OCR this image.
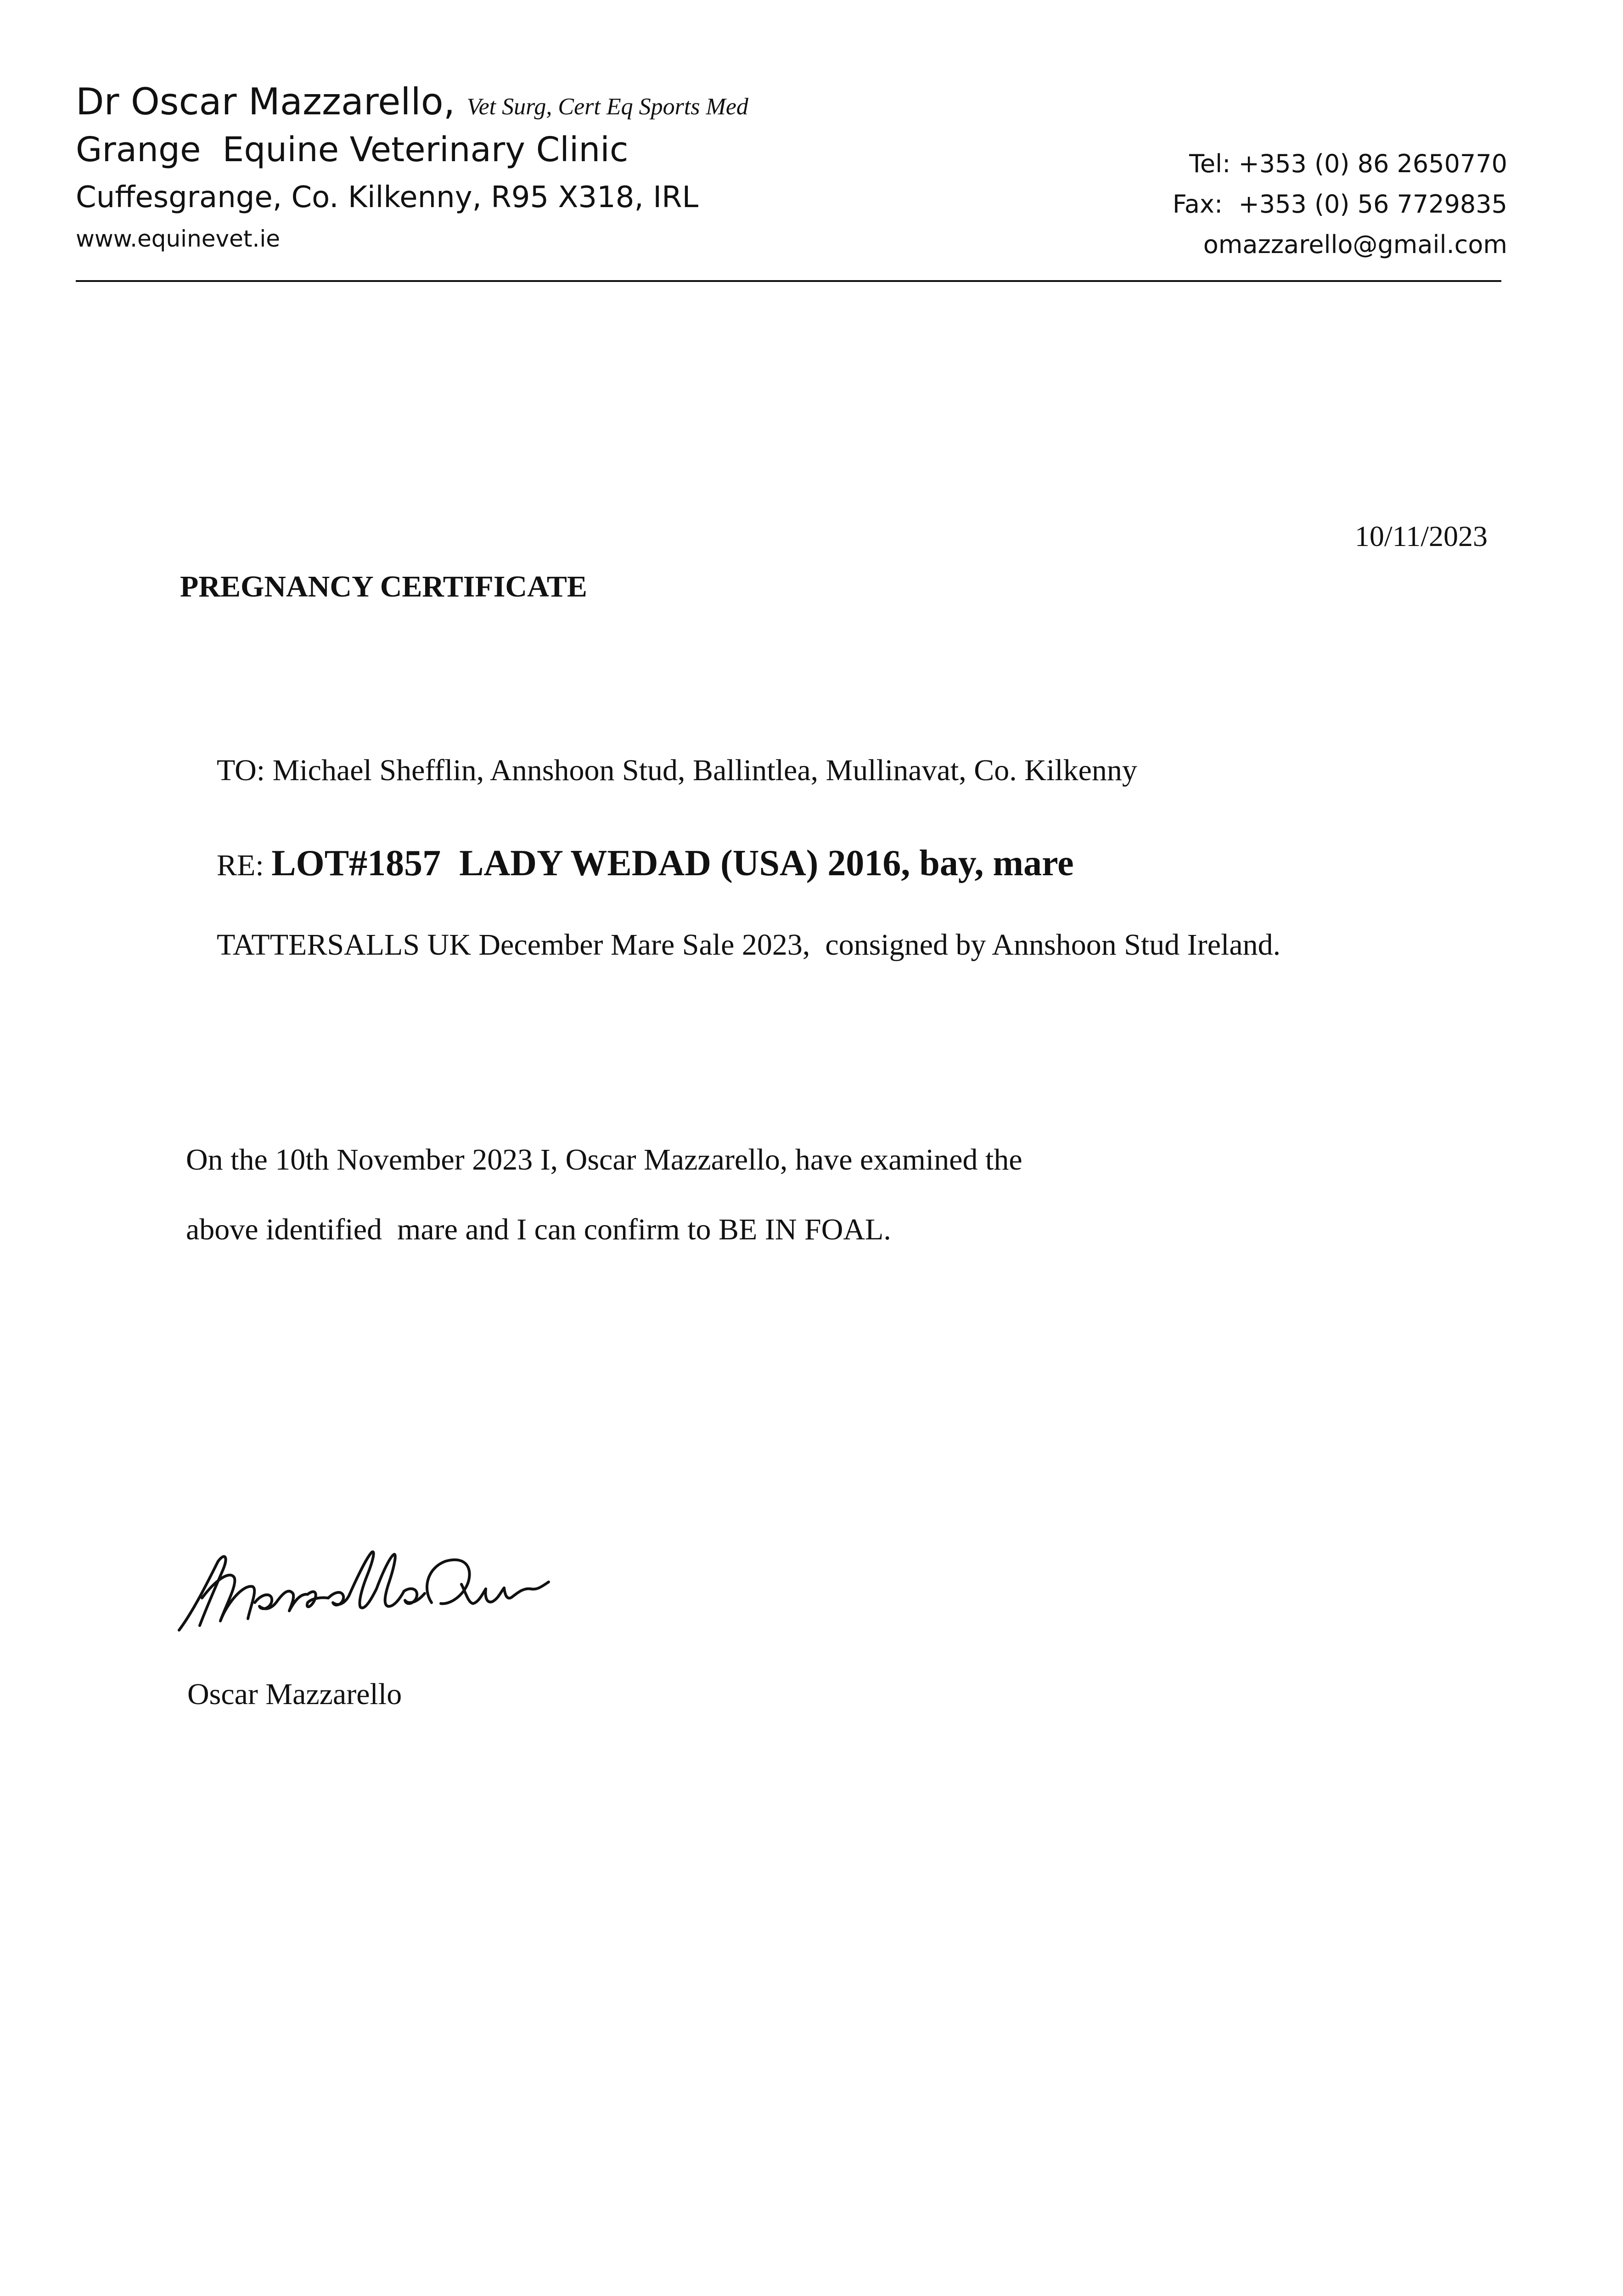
Dr Oscar Mazzarello, Vet Surg, Cert Eq Sports Med
Grange  Equine Veterinary Clinic
Cuffesgrange, Co. Kilkenny, R95 X318, IRL
www.equinevet.ie
Tel: +353 (0) 86 2650770
Fax:  +353 (0) 56 7729835
omazzarello@gmail.com
10/11/2023
PREGNANCY CERTIFICATE
TO: Michael Shefflin, Annshoon Stud, Ballintlea, Mullinavat, Co. Kilkenny
RE: LOT#1857  LADY WEDAD (USA) 2016, bay, mare
TATTERSALLS UK December Mare Sale 2023,  consigned by Annshoon Stud Ireland.
On the 10th November 2023 I, Oscar Mazzarello, have examined the
above identified  mare and I can confirm to BE IN FOAL.
Oscar Mazzarello
